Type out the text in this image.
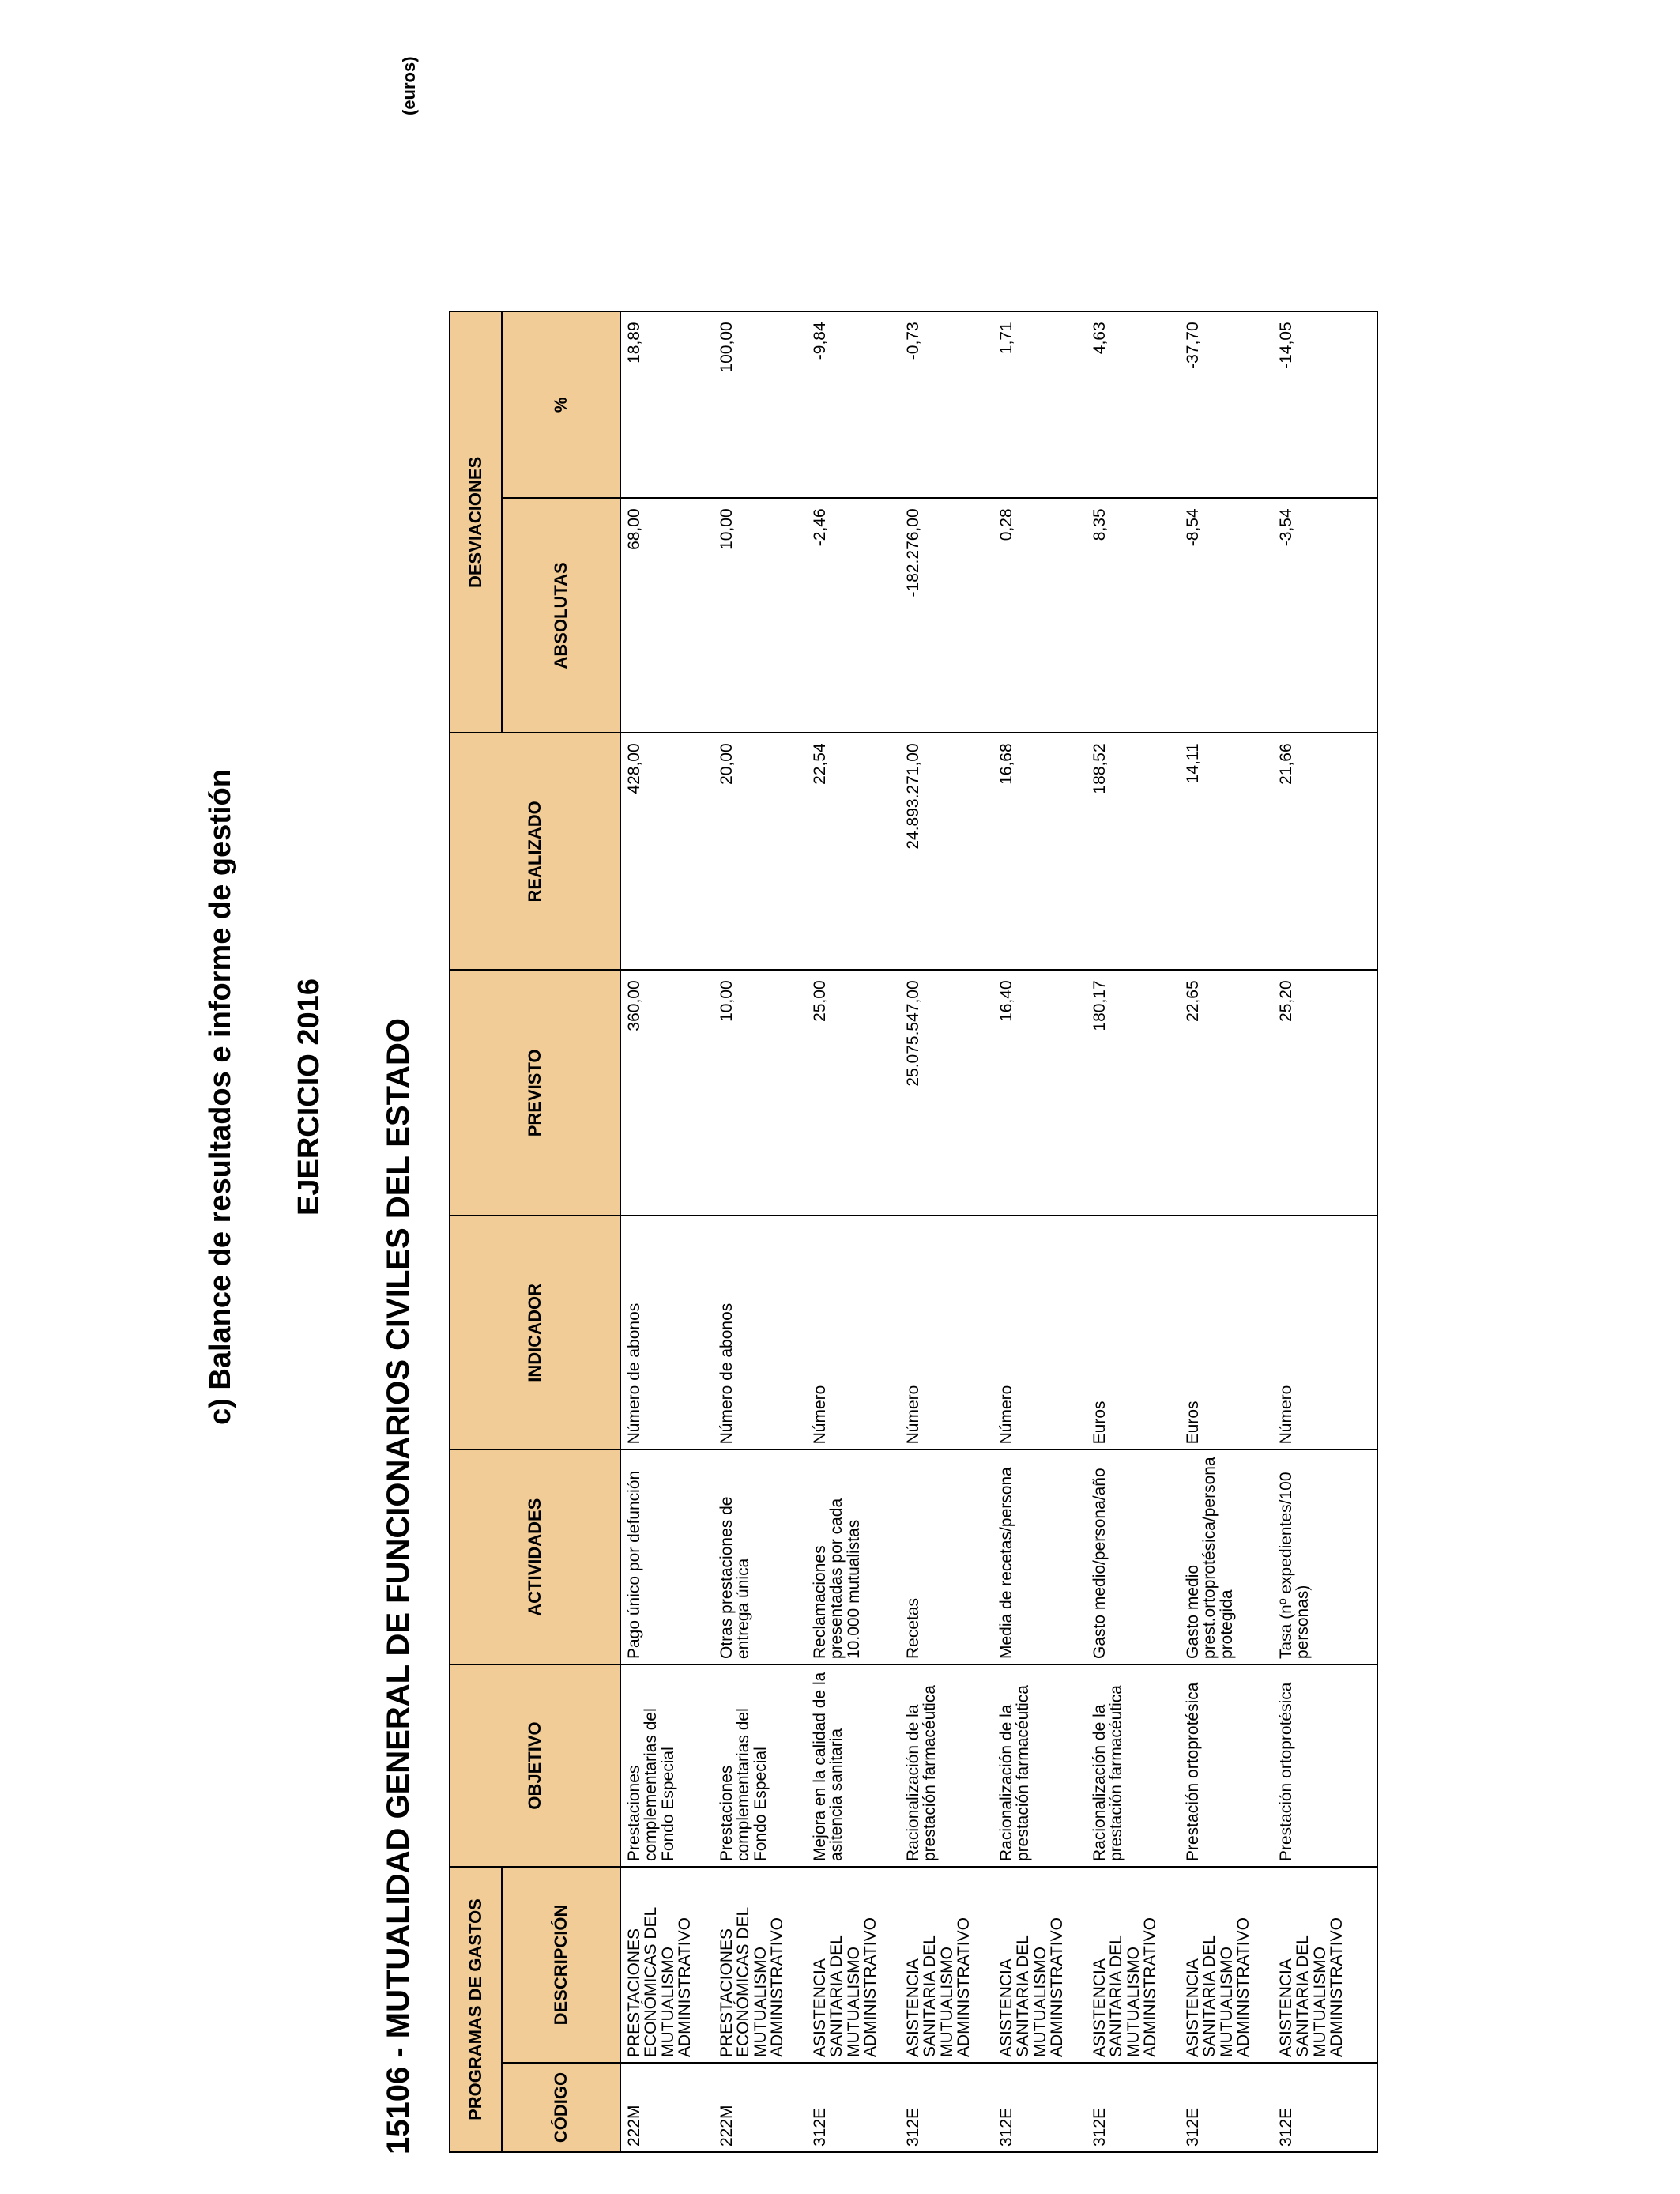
c) Balance de resultados e informe de gestión EJERCICIO 2016 15106 - MUTUALIDAD GENERAL DE FUNCIONARIOS CIVILES DEL ESTADO
(euros)
PROGRAMAS DE GASTOS		OBJETIVO	ACTIVIDADES	INDICADOR	PREVISTO	REALIZADO	DESVIACIONES	
CÓDIGO	DESCRIPCIÓN						ABSOLUTAS	%
222M	PRESTACIONES ECONÓMICAS DEL MUTUALISMO ADMINISTRATIVO	Prestaciones complementarias del Fondo Especial	Pago único por defunción	Número de abonos	360,00	428,00	68,00	18,89
222M	PRESTACIONES ECONÓMICAS DEL MUTUALISMO ADMINISTRATIVO	Prestaciones complementarias del Fondo Especial	Otras prestaciones de entrega única	Número de abonos	10,00	20,00	10,00	100,00
312E	ASISTENCIA SANITARIA DEL MUTUALISMO ADMINISTRATIVO	Mejora en la calidad de la asitencia sanitaria	Reclamaciones presentadas por cada 10.000 mutualistas	Número	25,00	22,54	-2,46	-9,84
312E	ASISTENCIA SANITARIA DEL MUTUALISMO ADMINISTRATIVO	Racionalización de la prestación farmacéutica	Recetas	Número	25.075.547,00	24.893.271,00	-182.276,00	-0,73
312E	ASISTENCIA SANITARIA DEL MUTUALISMO ADMINISTRATIVO	Racionalización de la prestación farmacéutica	Media de recetas/persona	Número	16,40	16,68	0,28	1,71
312E	ASISTENCIA SANITARIA DEL MUTUALISMO ADMINISTRATIVO	Racionalización de la prestación farmacéutica	Gasto medio/persona/año	Euros	180,17	188,52	8,35	4,63
312E	ASISTENCIA SANITARIA DEL MUTUALISMO ADMINISTRATIVO	Prestación ortoprotésica	Gasto medio prest.ortoprotésica/persona protegida	Euros	22,65	14,11	-8,54	-37,70
312E	ASISTENCIA SANITARIA DEL MUTUALISMO ADMINISTRATIVO	Prestación ortoprotésica	Tasa (nº expedientes/100 personas)	Número	25,20	21,66	-3,54	-14,05
